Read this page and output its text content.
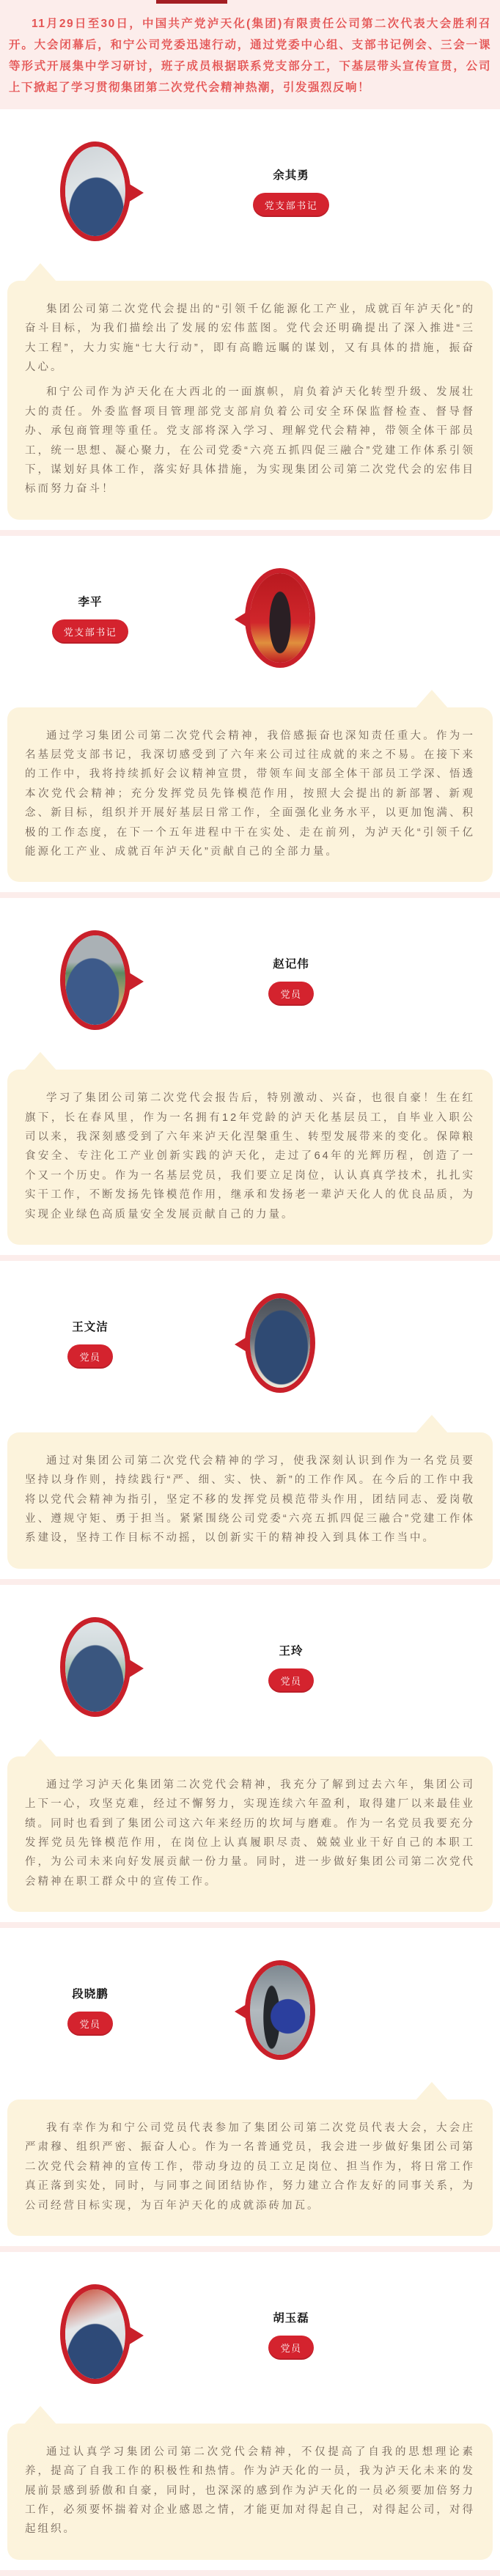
11月29日至30日，中国共产党泸天化(集团)有限责任公司第二次代表大会胜利召开。大会闭幕后，和宁公司党委迅速行动，通过党委中心组、支部书记例会、三会一课等形式开展集中学习研讨，班子成员根据联系党支部分工，下基层带头宣传宣贯，公司上下掀起了学习贯彻集团第二次党代会精神热潮，引发强烈反响！

余其勇
党支部书记

集团公司第二次党代会提出的“引领千亿能源化工产业，成就百年泸天化”的奋斗目标，为我们描绘出了发展的宏伟蓝图。党代会还明确提出了深入推进“三大工程”，大力实施“七大行动”，即有高瞻远瞩的谋划，又有具体的措施，振奋人心。

和宁公司作为泸天化在大西北的一面旗帜，肩负着泸天化转型升级、发展壮大的责任。外委监督项目管理部党支部肩负着公司安全环保监督检查、督导督办、承包商管理等重任。党支部将深入学习、理解党代会精神，带领全体干部员工，统一思想、凝心聚力，在公司党委“六亮五抓四促三融合”党建工作体系引领下，谋划好具体工作，落实好具体措施，为实现集团公司第二次党代会的宏伟目标而努力奋斗！

李平
党支部书记

通过学习集团公司第二次党代会精神，我倍感振奋也深知责任重大。作为一名基层党支部书记，我深切感受到了六年来公司过往成就的来之不易。在接下来的工作中，我将持续抓好会议精神宣贯，带领车间支部全体干部员工学深、悟透本次党代会精神；充分发挥党员先锋模范作用，按照大会提出的新部署、新观念、新目标，组织并开展好基层日常工作，全面强化业务水平，以更加饱满、积极的工作态度，在下一个五年进程中干在实处、走在前列，为泸天化“引领千亿能源化工产业、成就百年泸天化”贡献自己的全部力量。

赵记伟
党员

学习了集团公司第二次党代会报告后，特别激动、兴奋，也很自豪！生在红旗下，长在春风里，作为一名拥有12年党龄的泸天化基层员工，自毕业入职公司以来，我深刻感受到了六年来泸天化涅槃重生、转型发展带来的变化。保障粮食安全、专注化工产业创新实践的泸天化，走过了64年的光辉历程，创造了一个又一个历史。作为一名基层党员，我们要立足岗位，认认真真学技术，扎扎实实干工作，不断发扬先锋模范作用，继承和发扬老一辈泸天化人的优良品质，为实现企业绿色高质量安全发展贡献自己的力量。

王文洁
党员

通过对集团公司第二次党代会精神的学习，使我深刻认识到作为一名党员要坚持以身作则，持续践行“严、细、实、快、新”的工作作风。在今后的工作中我将以党代会精神为指引，坚定不移的发挥党员模范带头作用，团结同志、爱岗敬业、遵规守矩、勇于担当。紧紧围绕公司党委“六亮五抓四促三融合”党建工作体系建设，坚持工作目标不动摇，以创新实干的精神投入到具体工作当中。

王玲
党员

通过学习泸天化集团第二次党代会精神，我充分了解到过去六年，集团公司上下一心，攻坚克难，经过不懈努力，实现连续六年盈利，取得建厂以来最佳业绩。同时也看到了集团公司这六年来经历的坎坷与磨难。作为一名党员我要充分发挥党员先锋模范作用，在岗位上认真履职尽责、兢兢业业干好自己的本职工作，为公司未来向好发展贡献一份力量。同时，进一步做好集团公司第二次党代会精神在职工群众中的宣传工作。

段晓鹏
党员

我有幸作为和宁公司党员代表参加了集团公司第二次党员代表大会，大会庄严肃穆、组织严密、振奋人心。作为一名普通党员，我会进一步做好集团公司第二次党代会精神的宣传工作，带动身边的员工立足岗位、担当作为，将日常工作真正落到实处，同时，与同事之间团结协作，努力建立合作友好的同事关系，为公司经营目标实现，为百年泸天化的成就添砖加瓦。

胡玉磊
党员

通过认真学习集团公司第二次党代会精神，不仅提高了自我的思想理论素养，提高了自我工作的积极性和热情。作为泸天化的一员，我为泸天化未来的发展前景感到骄傲和自豪，同时，也深深的感到作为泸天化的一员必须要加倍努力工作，必须要怀揣着对企业感恩之情，才能更加对得起自己，对得起公司，对得起组织。
